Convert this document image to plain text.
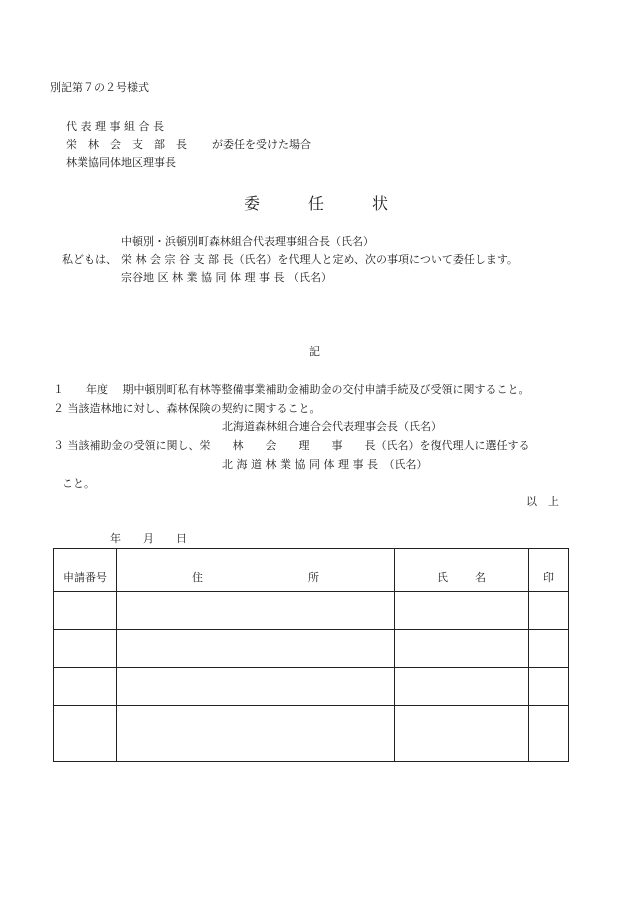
別記第７の２号様式
代 表 理 事 組 合 長
栄　林　会　支　部　長 が委任を受けた場合
林業協同体地区理事長
委　　　任　　　状
中頓別・浜頓別町森林組合代表理事組合長（氏名）
私どもは、 栄 林 会 宗 谷 支 部 長（氏名）を代理人と定め、次の事項について委任します。
宗谷地 区 林 業 協 同 体 理 事 長 （氏名）
記
１　　年度　 期中頓別町私有林等整備事業補助金補助金の交付申請手続及び受領に関すること。
２ 当該造林地に対し、森林保険の契約に関すること。
北海道森林組合連合会代表理事会長（氏名）
３ 当該補助金の受領に関し、栄　　林　　会　　理　　事　　長（氏名）を復代理人に選任する
北 海 道 林 業 協 同 体 理 事 長　（氏名）
こと。
以　上
年　　月　　日
申請番号	住 所	氏 名	印
